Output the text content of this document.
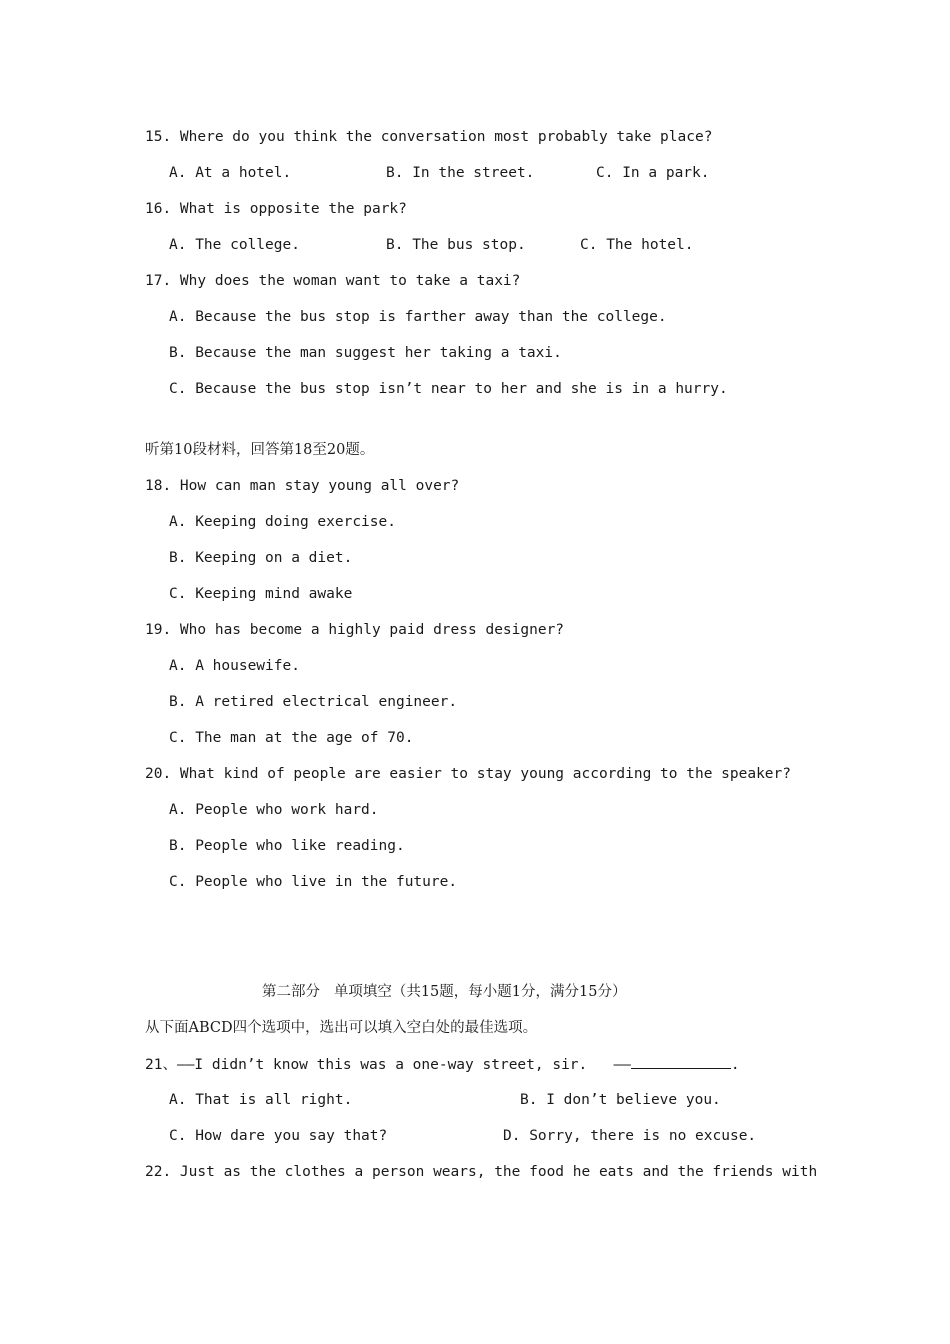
15. Where do you think the conversation most probably take place?
A. At a hotel.	B. In the street.	C. In a park.
16. What is opposite the park?
A. The college.	B. The bus stop.	C. The hotel.
17. Why does the woman want to take a taxi?
A. Because the bus stop is farther away than the college.
B. Because the man suggest her taking a taxi.
C. Because the bus stop isn’t near to her and she is in a hurry.
听第10段材料，回答第18至20题。
18. How can man stay young all over?
A. Keeping doing exercise.
B. Keeping on a diet.
C. Keeping mind awake
19. Who has become a highly paid dress designer?
A. A housewife.
B. A retired electrical engineer.
C. The man at the age of 70.
20. What kind of people are easier to stay young according to the speaker?
A. People who work hard.
B. People who like reading.
C. People who live in the future.
第二部分   单项填空（共15题，每小题1分，满分15分）
从下面ABCD四个选项中，选出可以填入空白处的最佳选项。
21、——I didn’t know this was a one-way street, sir.   ——	.
A. That is all right.	B. I don’t believe you.
C. How dare you say that?	D. Sorry, there is no excuse.
22. Just as the clothes a person wears, the food he eats and the friends with
